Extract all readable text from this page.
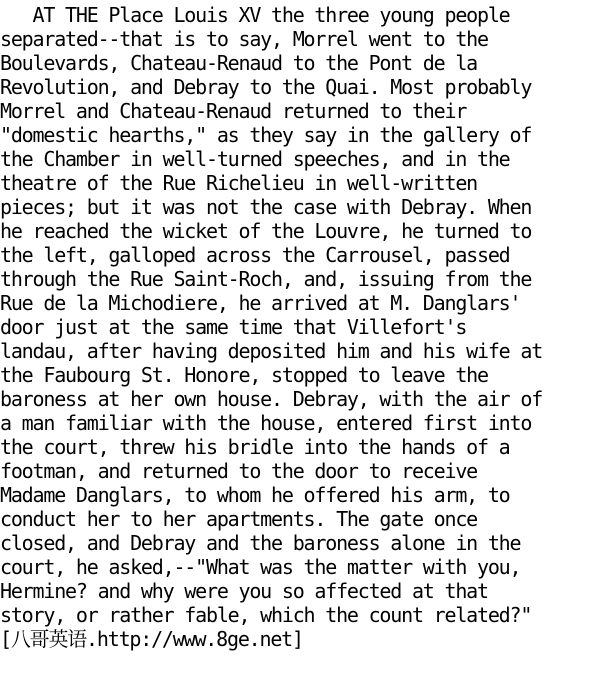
AT THE Place Louis XV the three young people
separated--that is to say, Morrel went to the
Boulevards, Chateau-Renaud to the Pont de la
Revolution, and Debray to the Quai. Most probably
Morrel and Chateau-Renaud returned to their
"domestic hearths," as they say in the gallery of
the Chamber in well-turned speeches, and in the
theatre of the Rue Richelieu in well-written
pieces; but it was not the case with Debray. When
he reached the wicket of the Louvre, he turned to
the left, galloped across the Carrousel, passed
through the Rue Saint-Roch, and, issuing from the
Rue de la Michodiere, he arrived at M. Danglars'
door just at the same time that Villefort's
landau, after having deposited him and his wife at
the Faubourg St. Honore, stopped to leave the
baroness at her own house. Debray, with the air of
a man familiar with the house, entered first into
the court, threw his bridle into the hands of a
footman, and returned to the door to receive
Madame Danglars, to whom he offered his arm, to
conduct her to her apartments. The gate once
closed, and Debray and the baroness alone in the
court, he asked,--"What was the matter with you,
Hermine? and why were you so affected at that
story, or rather fable, which the count related?"
[八哥英语.http://www.8ge.net]
